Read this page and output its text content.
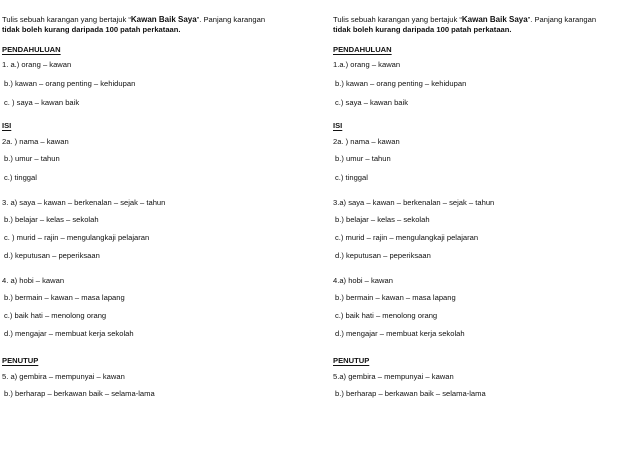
Tulis sebuah karangan yang bertajuk “Kawan Baik Saya”. Panjang karangan
tidak boleh kurang daripada 100 patah perkataan.
PENDAHULUAN
1. a.) orang – kawan
b.) kawan – orang penting – kehidupan
c. ) saya – kawan baik
ISI
2a. ) nama – kawan
b.) umur – tahun
c.) tinggal
3. a) saya – kawan – berkenalan – sejak – tahun
b.) belajar – kelas – sekolah
c. ) murid – rajin – mengulangkaji pelajaran
d.) keputusan – peperiksaan
4. a) hobi – kawan
b.) bermain – kawan – masa lapang
c.) baik hati – menolong orang
d.) mengajar – membuat kerja sekolah
PENUTUP
5. a) gembira – mempunyai – kawan
b.) berharap – berkawan baik – selama-lama
Tulis sebuah karangan yang bertajuk “Kawan Baik Saya”. Panjang karangan
tidak boleh kurang daripada 100 patah perkataan.
PENDAHULUAN
1.a.) orang – kawan
b.) kawan – orang penting – kehidupan
c.) saya – kawan baik
ISI
2a. ) nama – kawan
b.) umur – tahun
c.) tinggal
3.a) saya – kawan – berkenalan – sejak – tahun
b.) belajar – kelas – sekolah
c.) murid – rajin – mengulangkaji pelajaran
d.) keputusan – peperiksaan
4.a) hobi – kawan
b.) bermain – kawan – masa lapang
c.) baik hati – menolong orang
d.) mengajar – membuat kerja sekolah
PENUTUP
5.a) gembira – mempunyai – kawan
b.) berharap – berkawan baik – selama-lama
